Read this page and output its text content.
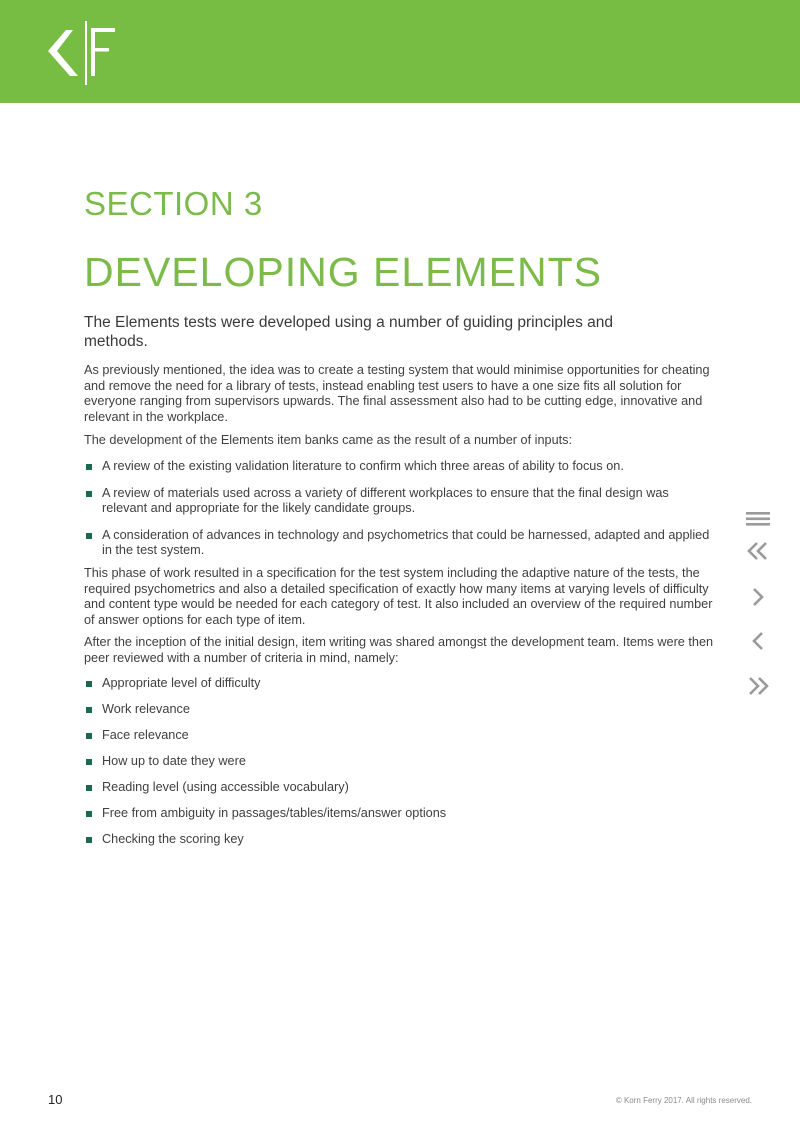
SECTION 3
DEVELOPING ELEMENTS
The Elements tests were developed using a number of guiding principles and methods.
As previously mentioned, the idea was to create a testing system that would minimise opportunities for cheating and remove the need for a library of tests, instead enabling test users to have a one size fits all solution for everyone ranging from supervisors upwards. The final assessment also had to be cutting edge, innovative and relevant in the workplace.
The development of the Elements item banks came as the result of a number of inputs:
A review of the existing validation literature to confirm which three areas of ability to focus on.
A review of materials used across a variety of different workplaces to ensure that the final design was relevant and appropriate for the likely candidate groups.
A consideration of advances in technology and psychometrics that could be harnessed, adapted and applied in the test system.
This phase of work resulted in a specification for the test system including the adaptive nature of the tests, the required psychometrics and also a detailed specification of exactly how many items at varying levels of difficulty and content type would be needed for each category of test. It also included an overview of the required number of answer options for each type of item.
After the inception of the initial design, item writing was shared amongst the development team. Items were then peer reviewed with a number of criteria in mind, namely:
Appropriate level of difficulty
Work relevance
Face relevance
How up to date they were
Reading level (using accessible vocabulary)
Free from ambiguity in passages/tables/items/answer options
Checking the scoring key
10	© Korn Ferry 2017. All rights reserved.
